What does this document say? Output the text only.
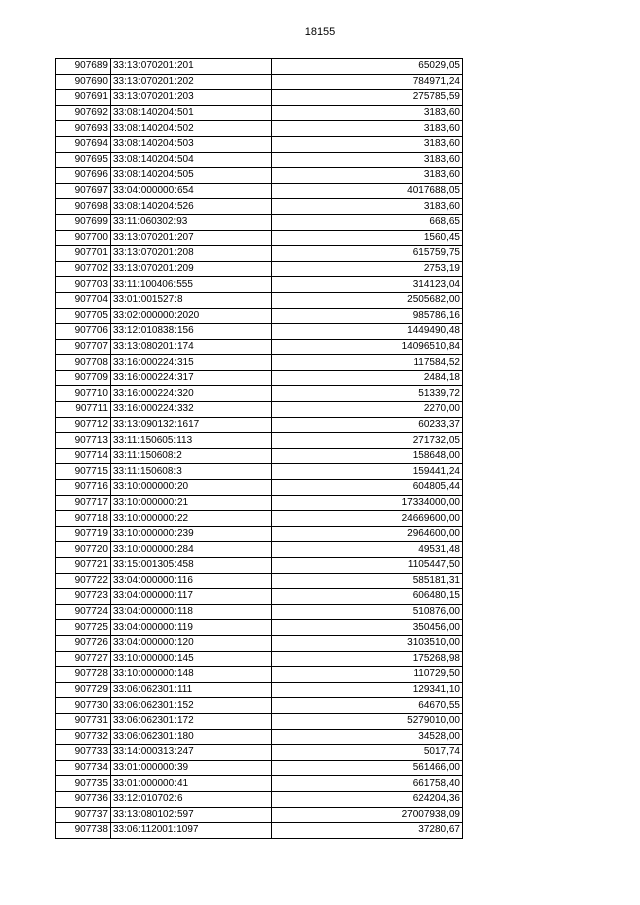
18155
907689	33:13:070201:201	65029,05
907690	33:13:070201:202	784971,24
907691	33:13:070201:203	275785,59
907692	33:08:140204:501	3183,60
907693	33:08:140204:502	3183,60
907694	33:08:140204:503	3183,60
907695	33:08:140204:504	3183,60
907696	33:08:140204:505	3183,60
907697	33:04:000000:654	4017688,05
907698	33:08:140204:526	3183,60
907699	33:11:060302:93	668,65
907700	33:13:070201:207	1560,45
907701	33:13:070201:208	615759,75
907702	33:13:070201:209	2753,19
907703	33:11:100406:555	314123,04
907704	33:01:001527:8	2505682,00
907705	33:02:000000:2020	985786,16
907706	33:12:010838:156	1449490,48
907707	33:13:080201:174	14096510,84
907708	33:16:000224:315	117584,52
907709	33:16:000224:317	2484,18
907710	33:16:000224:320	51339,72
907711	33:16:000224:332	2270,00
907712	33:13:090132:1617	60233,37
907713	33:11:150605:113	271732,05
907714	33:11:150608:2	158648,00
907715	33:11:150608:3	159441,24
907716	33:10:000000:20	604805,44
907717	33:10:000000:21	17334000,00
907718	33:10:000000:22	24669600,00
907719	33:10:000000:239	2964600,00
907720	33:10:000000:284	49531,48
907721	33:15:001305:458	1105447,50
907722	33:04:000000:116	585181,31
907723	33:04:000000:117	606480,15
907724	33:04:000000:118	510876,00
907725	33:04:000000:119	350456,00
907726	33:04:000000:120	3103510,00
907727	33:10:000000:145	175268,98
907728	33:10:000000:148	110729,50
907729	33:06:062301:111	129341,10
907730	33:06:062301:152	64670,55
907731	33:06:062301:172	5279010,00
907732	33:06:062301:180	34528,00
907733	33:14:000313:247	5017,74
907734	33:01:000000:39	561466,00
907735	33:01:000000:41	661758,40
907736	33:12:010702:6	624204,36
907737	33:13:080102:597	27007938,09
907738	33:06:112001:1097	37280,67
